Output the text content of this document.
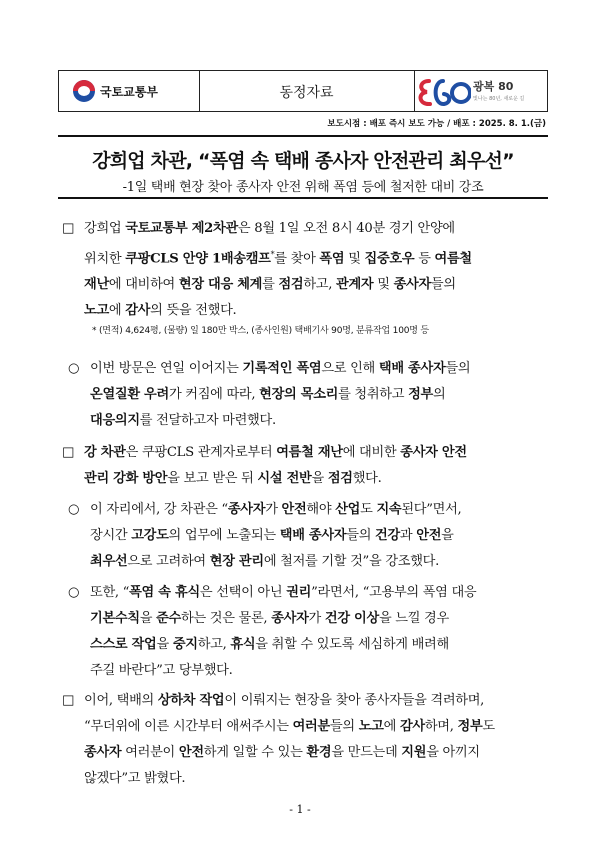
국토교통부	동정자료	광복 80
빛나는 80년, 새로운 길
보도시점 : 배포 즉시 보도 가능 / 배포 : 2025. 8. 1.(금)
강희업 차관, “폭염 속 택배 종사자 안전관리 최우선”
-1일 택배 현장 찾아 종사자 안전 위해 폭염 등에 철저한 대비 강조
□ 강희업 국토교통부 제2차관은 8월 1일 오전 8시 40분 경기 안양에
위치한 쿠팡CLS 안양 1배송캠프*를 찾아 폭염 및 집중호우 등 여름철
재난에 대비하여 현장 대응 체계를 점검하고, 관계자 및 종사자들의
노고에 감사의 뜻을 전했다.
* (면적) 4,624평, (물량) 일 180만 박스, (종사인원) 택배기사 90명, 분류작업 100명 등
○ 이번 방문은 연일 이어지는 기록적인 폭염으로 인해 택배 종사자들의
온열질환 우려가 커짐에 따라, 현장의 목소리를 청취하고 정부의
대응의지를 전달하고자 마련했다.
□ 강 차관은 쿠팡CLS 관계자로부터 여름철 재난에 대비한 종사자 안전
관리 강화 방안을 보고 받은 뒤 시설 전반을 점검했다.
○ 이 자리에서, 강 차관은 “종사자가 안전해야 산업도 지속된다”면서,
장시간 고강도의 업무에 노출되는 택배 종사자들의 건강과 안전을
최우선으로 고려하여 현장 관리에 철저를 기할 것”을 강조했다.
○ 또한, “폭염 속 휴식은 선택이 아닌 권리”라면서, “고용부의 폭염 대응
기본수칙을 준수하는 것은 물론, 종사자가 건강 이상을 느낄 경우
스스로 작업을 중지하고, 휴식을 취할 수 있도록 세심하게 배려해
주길 바란다”고 당부했다.
□ 이어, 택배의 상하차 작업이 이뤄지는 현장을 찾아 종사자들을 격려하며,
“무더위에 이른 시간부터 애써주시는 여러분들의 노고에 감사하며, 정부도
종사자 여러분이 안전하게 일할 수 있는 환경을 만드는데 지원을 아끼지
않겠다”고 밝혔다.
- 1 -
